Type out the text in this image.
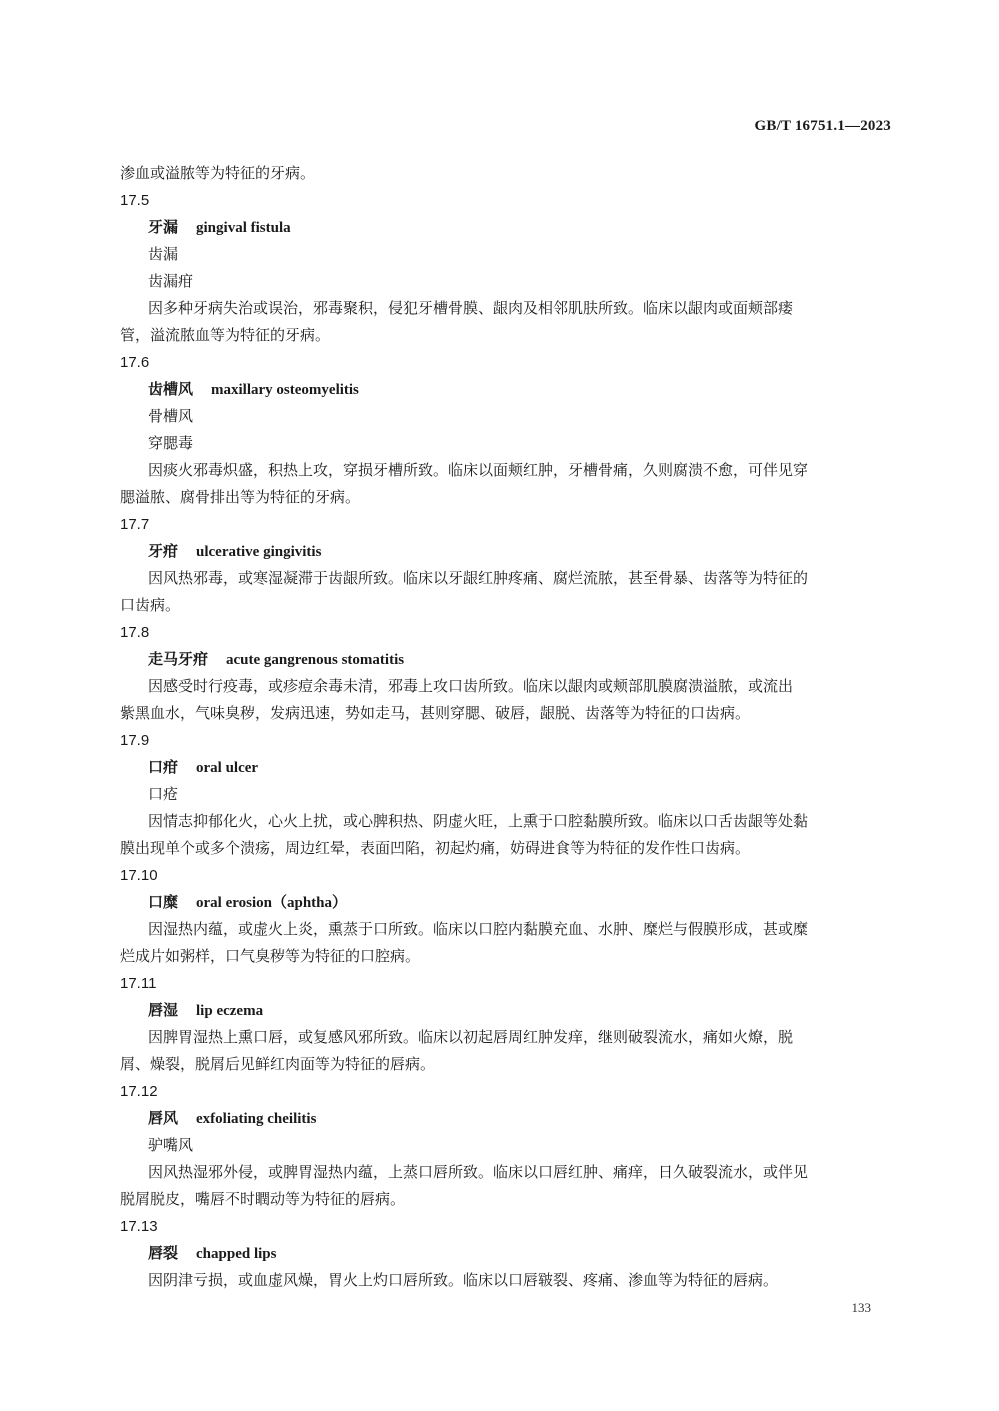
GB/T 16751.1—2023
渗血或溢脓等为特征的牙病。
17.5
牙漏 gingival fistula
齿漏
齿漏疳
因多种牙病失治或误治，邪毒聚积，侵犯牙槽骨膜、龈肉及相邻肌肤所致。临床以龈肉或面颊部瘘
管，溢流脓血等为特征的牙病。
17.6
齿槽风 maxillary osteomyelitis
骨槽风
穿腮毒
因痰火邪毒炽盛，积热上攻，穿损牙槽所致。临床以面颊红肿，牙槽骨痛，久则腐溃不愈，可伴见穿
腮溢脓、腐骨排出等为特征的牙病。
17.7
牙疳 ulcerative gingivitis
因风热邪毒，或寒湿凝滞于齿龈所致。临床以牙龈红肿疼痛、腐烂流脓，甚至骨暴、齿落等为特征的
口齿病。
17.8
走马牙疳 acute gangrenous stomatitis
因感受时行疫毒，或疹痘余毒未清，邪毒上攻口齿所致。临床以龈肉或颊部肌膜腐溃溢脓，或流出
紫黑血水，气味臭秽，发病迅速，势如走马，甚则穿腮、破唇，龈脱、齿落等为特征的口齿病。
17.9
口疳 oral ulcer
口疮
因情志抑郁化火，心火上扰，或心脾积热、阴虚火旺，上熏于口腔黏膜所致。临床以口舌齿龈等处黏
膜出现单个或多个溃疡，周边红晕，表面凹陷，初起灼痛，妨碍进食等为特征的发作性口齿病。
17.10
口糜 oral erosion（aphtha）
因湿热内蕴，或虚火上炎，熏蒸于口所致。临床以口腔内黏膜充血、水肿、糜烂与假膜形成，甚或糜
烂成片如粥样，口气臭秽等为特征的口腔病。
17.11
唇湿 lip eczema
因脾胃湿热上熏口唇，或复感风邪所致。临床以初起唇周红肿发痒，继则破裂流水，痛如火燎，脱
屑、燥裂，脱屑后见鲜红肉面等为特征的唇病。
17.12
唇风 exfoliating cheilitis
驴嘴风
因风热湿邪外侵，或脾胃湿热内蕴，上蒸口唇所致。临床以口唇红肿、痛痒，日久破裂流水，或伴见
脱屑脱皮，嘴唇不时瞤动等为特征的唇病。
17.13
唇裂 chapped lips
因阴津亏损，或血虚风燥，胃火上灼口唇所致。临床以口唇皲裂、疼痛、渗血等为特征的唇病。
133
